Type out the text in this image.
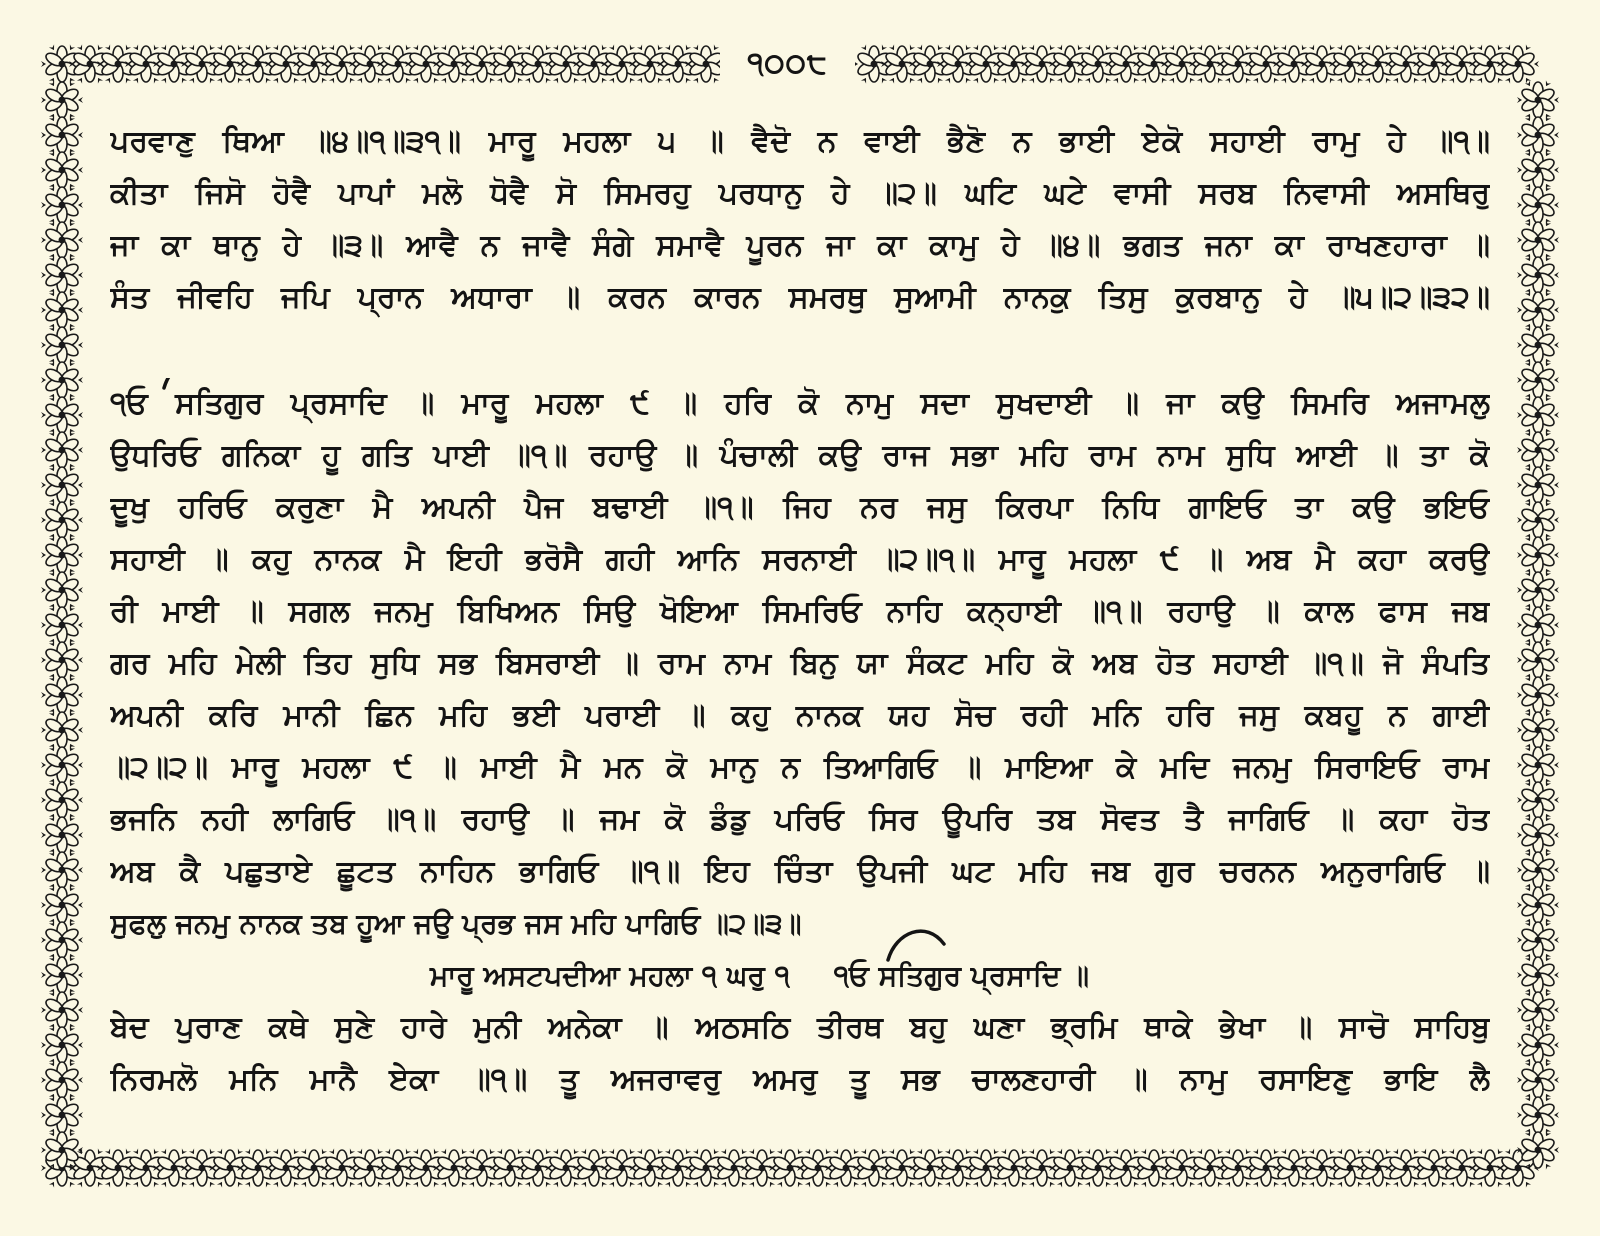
੧੦੦੮
ਪਰਵਾਣੁ ਥਿਆ ॥੪॥੧॥੩੧॥ ਮਾਰੂ ਮਹਲਾ ੫ ॥ ਵੈਦੋ ਨ ਵਾਈ ਭੈਣੋ ਨ ਭਾਈ ਏਕੋ ਸਹਾਈ ਰਾਮੁ ਹੇ ॥੧॥
ਕੀਤਾ ਜਿਸੋ ਹੋਵੈ ਪਾਪਾਂ ਮਲੋ ਧੋਵੈ ਸੋ ਸਿਮਰਹੁ ਪਰਧਾਨੁ ਹੇ ॥੨॥ ਘਟਿ ਘਟੇ ਵਾਸੀ ਸਰਬ ਨਿਵਾਸੀ ਅਸਥਿਰੁ
ਜਾ ਕਾ ਥਾਨੁ ਹੇ ॥੩॥ ਆਵੈ ਨ ਜਾਵੈ ਸੰਗੇ ਸਮਾਵੈ ਪੂਰਨ ਜਾ ਕਾ ਕਾਮੁ ਹੇ ॥੪॥ ਭਗਤ ਜਨਾ ਕਾ ਰਾਖਣਹਾਰਾ ॥
ਸੰਤ ਜੀਵਹਿ ਜਪਿ ਪ੍ਰਾਨ ਅਧਾਰਾ ॥ ਕਰਨ ਕਾਰਨ ਸਮਰਥੁ ਸੁਆਮੀ ਨਾਨਕੁ ਤਿਸੁ ਕੁਰਬਾਨੁ ਹੇ ॥੫॥੨॥੩੨॥
੧ਓ ਸਤਿਗੁਰ ਪ੍ਰਸਾਦਿ ॥ ਮਾਰੂ ਮਹਲਾ ੯ ॥ ਹਰਿ ਕੋ ਨਾਮੁ ਸਦਾ ਸੁਖਦਾਈ ॥ ਜਾ ਕਉ ਸਿਮਰਿ ਅਜਾਮਲੁ
ਉਧਰਿਓ ਗਨਿਕਾ ਹੂ ਗਤਿ ਪਾਈ ॥੧॥ ਰਹਾਉ ॥ ਪੰਚਾਲੀ ਕਉ ਰਾਜ ਸਭਾ ਮਹਿ ਰਾਮ ਨਾਮ ਸੁਧਿ ਆਈ ॥ ਤਾ ਕੋ
ਦੂਖੁ ਹਰਿਓ ਕਰੁਣਾ ਮੈ ਅਪਨੀ ਪੈਜ ਬਢਾਈ ॥੧॥ ਜਿਹ ਨਰ ਜਸੁ ਕਿਰਪਾ ਨਿਧਿ ਗਾਇਓ ਤਾ ਕਉ ਭਇਓ
ਸਹਾਈ ॥ ਕਹੁ ਨਾਨਕ ਮੈ ਇਹੀ ਭਰੋਸੈ ਗਹੀ ਆਨਿ ਸਰਨਾਈ ॥੨॥੧॥ ਮਾਰੂ ਮਹਲਾ ੯ ॥ ਅਬ ਮੈ ਕਹਾ ਕਰਉ
ਰੀ ਮਾਈ ॥ ਸਗਲ ਜਨਮੁ ਬਿਖਿਅਨ ਸਿਉ ਖੋਇਆ ਸਿਮਰਿਓ ਨਾਹਿ ਕਨ੍ਹਾਈ ॥੧॥ ਰਹਾਉ ॥ ਕਾਲ ਫਾਸ ਜਬ
ਗਰ ਮਹਿ ਮੇਲੀ ਤਿਹ ਸੁਧਿ ਸਭ ਬਿਸਰਾਈ ॥ ਰਾਮ ਨਾਮ ਬਿਨੁ ਯਾ ਸੰਕਟ ਮਹਿ ਕੋ ਅਬ ਹੋਤ ਸਹਾਈ ॥੧॥ ਜੋ ਸੰਪਤਿ
ਅਪਨੀ ਕਰਿ ਮਾਨੀ ਛਿਨ ਮਹਿ ਭਈ ਪਰਾਈ ॥ ਕਹੁ ਨਾਨਕ ਯਹ ਸੋਚ ਰਹੀ ਮਨਿ ਹਰਿ ਜਸੁ ਕਬਹੂ ਨ ਗਾਈ
॥੨॥੨॥ ਮਾਰੂ ਮਹਲਾ ੯ ॥ ਮਾਈ ਮੈ ਮਨ ਕੋ ਮਾਨੁ ਨ ਤਿਆਗਿਓ ॥ ਮਾਇਆ ਕੇ ਮਦਿ ਜਨਮੁ ਸਿਰਾਇਓ ਰਾਮ
ਭਜਨਿ ਨਹੀ ਲਾਗਿਓ ॥੧॥ ਰਹਾਉ ॥ ਜਮ ਕੋ ਡੰਡੁ ਪਰਿਓ ਸਿਰ ਊਪਰਿ ਤਬ ਸੋਵਤ ਤੈ ਜਾਗਿਓ ॥ ਕਹਾ ਹੋਤ
ਅਬ ਕੈ ਪਛੁਤਾਏ ਛੂਟਤ ਨਾਹਿਨ ਭਾਗਿਓ ॥੧॥ ਇਹ ਚਿੰਤਾ ਉਪਜੀ ਘਟ ਮਹਿ ਜਬ ਗੁਰ ਚਰਨਨ ਅਨੁਰਾਗਿਓ ॥
ਸੁਫਲੁ ਜਨਮੁ ਨਾਨਕ ਤਬ ਹੂਆ ਜਉ ਪ੍ਰਭ ਜਸ ਮਹਿ ਪਾਗਿਓ ॥੨॥੩॥
ਮਾਰੂ ਅਸਟਪਦੀਆ ਮਹਲਾ ੧ ਘਰੁ ੧ ੧ਓ ਸਤਿਗੁਰ ਪ੍ਰਸਾਦਿ ॥
ਬੇਦ ਪੁਰਾਣ ਕਥੇ ਸੁਣੇ ਹਾਰੇ ਮੁਨੀ ਅਨੇਕਾ ॥ ਅਠਸਠਿ ਤੀਰਥ ਬਹੁ ਘਣਾ ਭ੍ਰਮਿ ਥਾਕੇ ਭੇਖਾ ॥ ਸਾਚੋ ਸਾਹਿਬੁ
ਨਿਰਮਲੋ ਮਨਿ ਮਾਨੈ ਏਕਾ ॥੧॥ ਤੂ ਅਜਰਾਵਰੁ ਅਮਰੁ ਤੂ ਸਭ ਚਾਲਣਹਾਰੀ ॥ ਨਾਮੁ ਰਸਾਇਣੁ ਭਾਇ ਲੈ
